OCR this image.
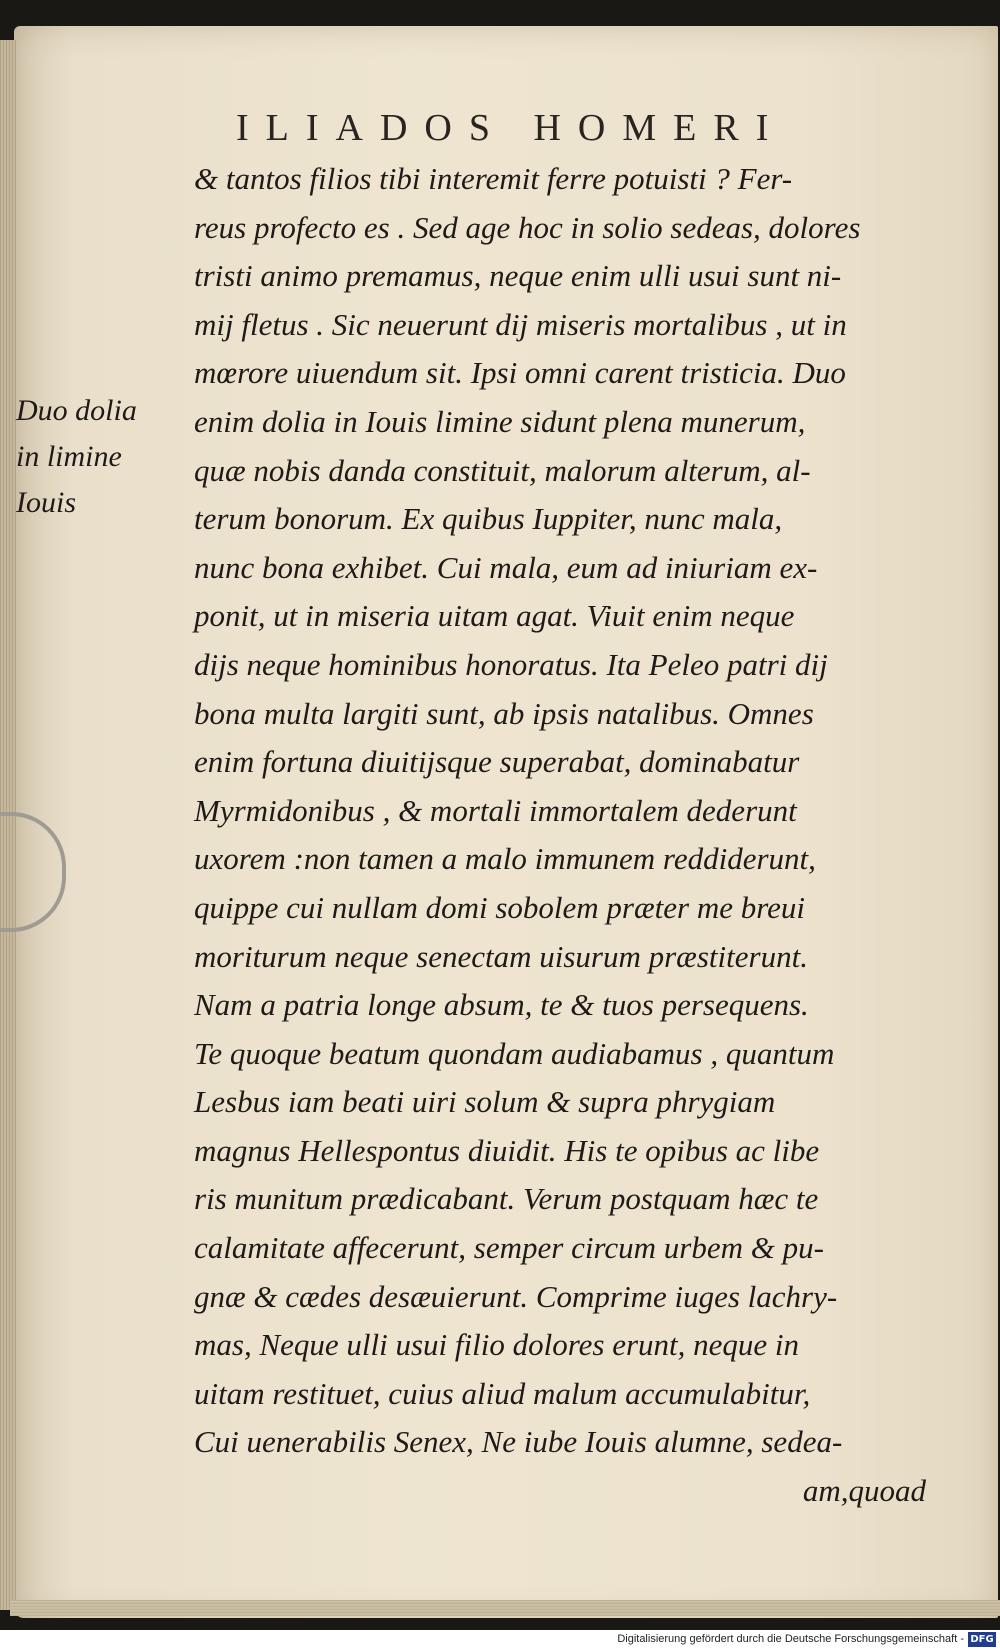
ILIADOS HOMERI
& tantos filios tibi interemit ferre potuisti ? Fer-
reus profecto es . Sed age hoc in solio sedeas, dolores
tristi animo premamus, neque enim ulli usui sunt ni-
mij fletus . Sic neuerunt dij miseris mortalibus , ut in
mœrore uiuendum sit. Ipsi omni carent tristicia. Duo
enim dolia in Iouis limine sidunt plena munerum,
quæ nobis danda constituit, malorum alterum, al-
terum bonorum. Ex quibus Iuppiter, nunc mala,
nunc bona exhibet. Cui mala, eum ad iniuriam ex-
ponit, ut in miseria uitam agat. Viuit enim neque
dijs neque hominibus honoratus. Ita Peleo patri dij
bona multa largiti sunt, ab ipsis natalibus. Omnes
enim fortuna diuitijsque superabat, dominabatur
Myrmidonibus , & mortali immortalem dederunt
uxorem :non tamen a malo immunem reddiderunt,
quippe cui nullam domi sobolem præter me breui
moriturum neque senectam uisurum præstiterunt.
Nam a patria longe absum, te & tuos persequens.
Te quoque beatum quondam audiabamus , quantum
Lesbus iam beati uiri solum & supra phrygiam
magnus Hellespontus diuidit. His te opibus ac libe
ris munitum prædicabant. Verum postquam hæc te
calamitate affecerunt, semper circum urbem & pu-
gnæ & cædes desæuierunt. Comprime iuges lachry-
mas, Neque ulli usui filio dolores erunt, neque in
uitam restituet, cuius aliud malum accumulabitur,
Cui uenerabilis Senex, Ne iube Iouis alumne, sedea-
am,quoad
Duo dolia
in limine
Iouis
Digitalisierung gefördert durch die Deutsche Forschungsgemeinschaft - DFG
